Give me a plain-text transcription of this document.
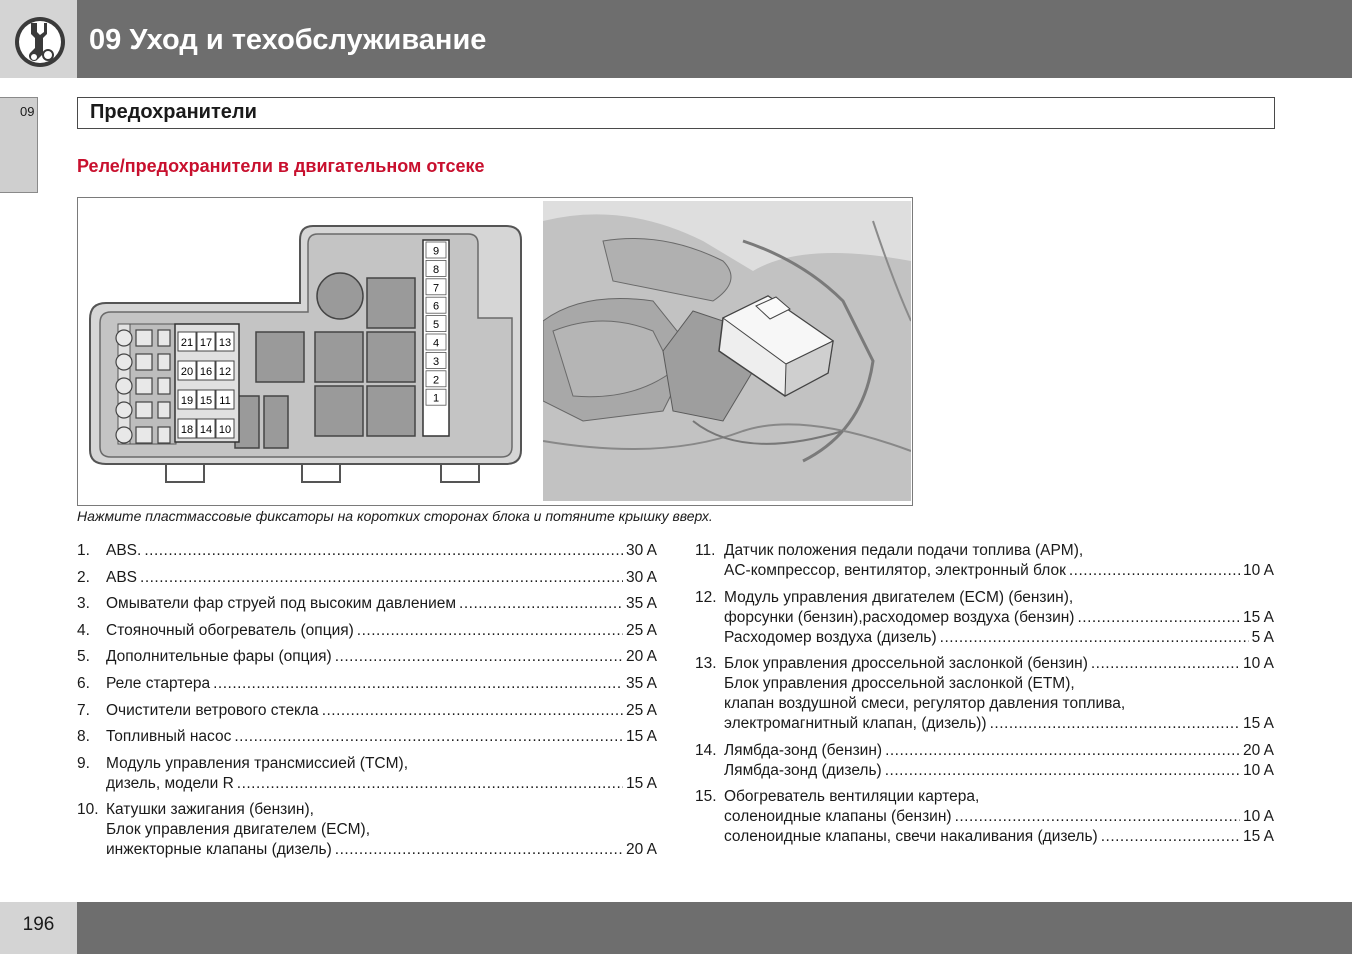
09 Уход и техобслуживание
09	Предохранители
Реле/предохранители в двигательном отсеке
21 17 13
20 16 12
19 15 11
18 14 10
9
8
7
6
5
4
3
2
1
Нажмите пластмассовые фиксаторы на коротких сторонах блока и потяните крышку вверх.
1. ABS. .....	30 A
2. ABS .....	30 A
3. Омыватели фар струей под высоким давлением .....	35 A
4. Стояночный обогреватель (опция) .....	25 A
5. Дополнительные фары (опция) .....	20 A
6. Реле стартера .....	35 A
7. Очистители ветрового стекла .....	25 A
8. Топливный насос .....	15 A
9. Модуль управления трансмиссией (TCM),
дизель, модели R .....	15 A
10. Катушки зажигания (бензин),
Блок управления двигателем (ECM),
инжекторные клапаны (дизель) .....	20 A
11. Датчик положения педали подачи топлива (APM),
AC-компрессор, вентилятор, электронный блок .....	10 A
12. Модуль управления двигателем (ECM) (бензин),
форсунки (бензин),расходомер воздуха (бензин) .....	15 A
Расходомер воздуха (дизель) .....	5 A
13. Блок управления дроссельной заслонкой (бензин) .....	10 A
Блок управления дроссельной заслонкой (ETM),
клапан воздушной смеси, регулятор давления топлива,
электромагнитный клапан, (дизель)) .....	15 A
14. Лямбда-зонд (бензин) .....	20 A
Лямбда-зонд (дизель) .....	10 A
15. Обогреватель вентиляции картера,
соленоидные клапаны (бензин) .....	10 A
соленоидные клапаны, свечи накаливания (дизель) .....	15 A
196
